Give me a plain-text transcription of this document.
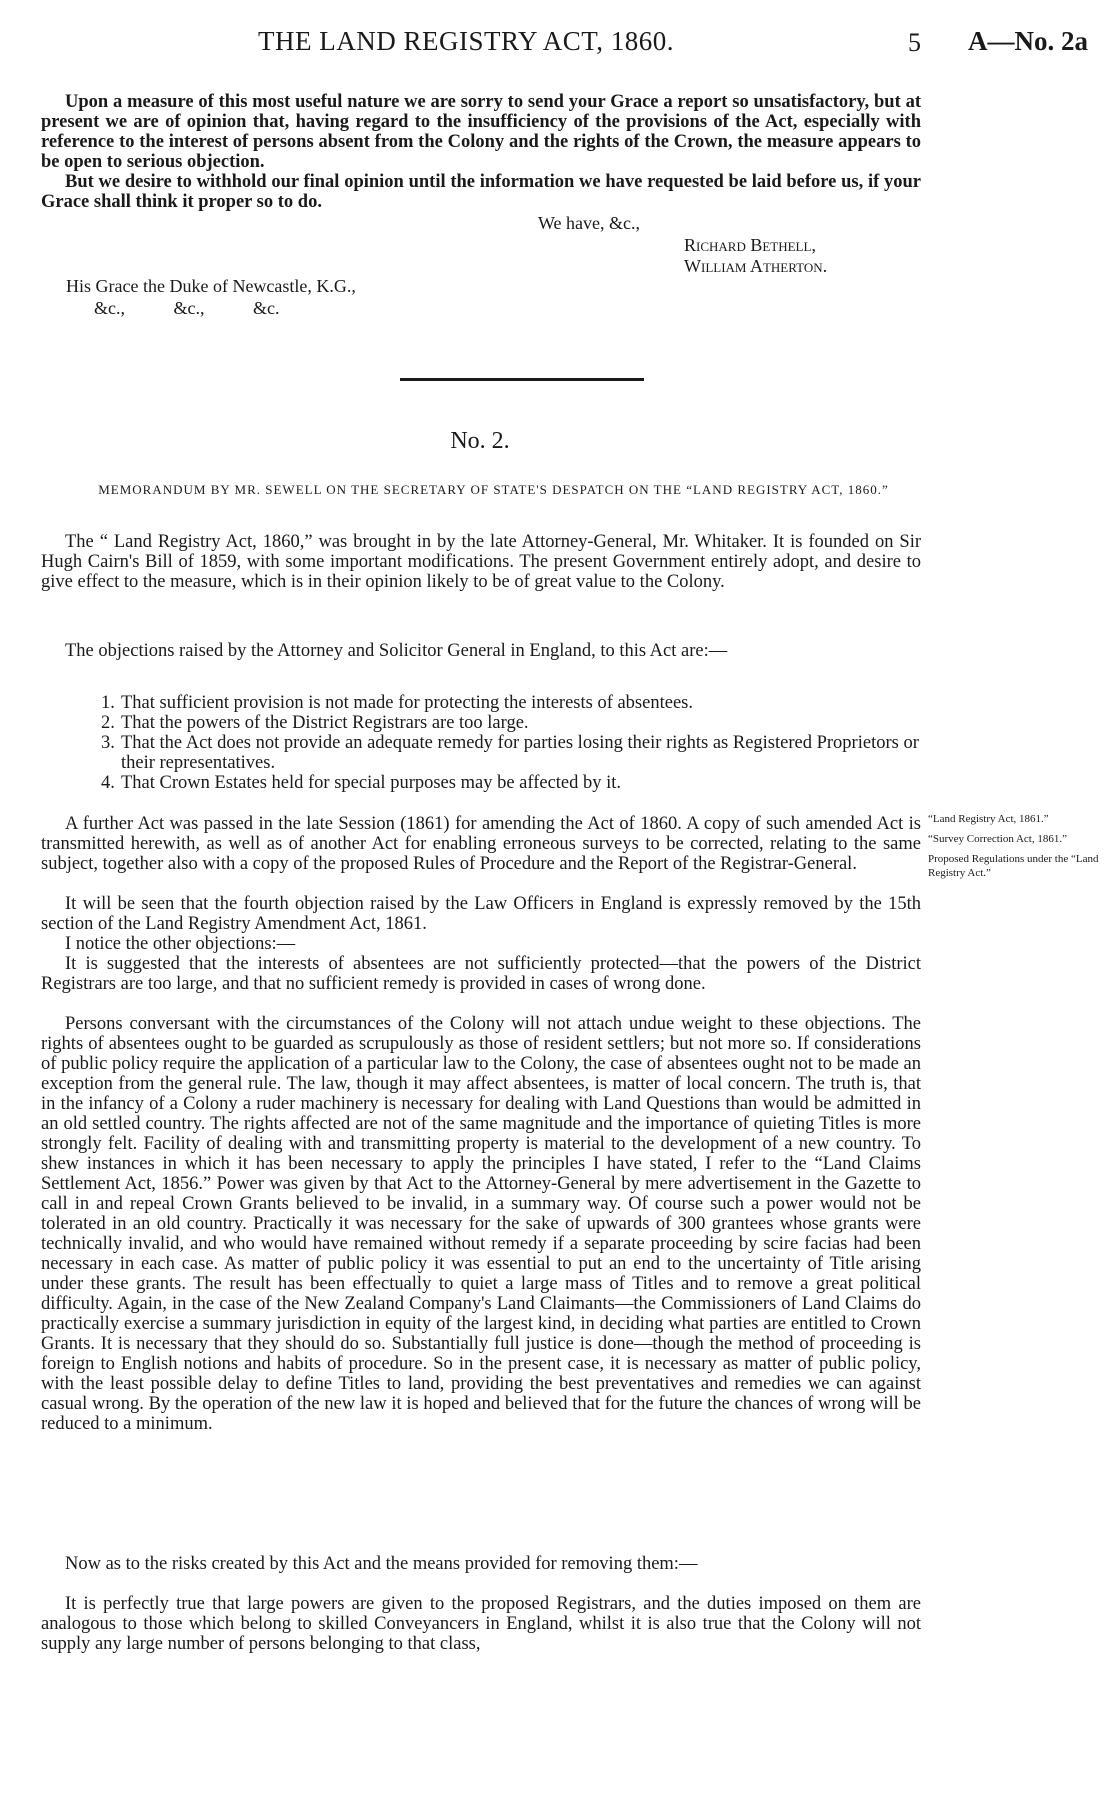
THE LAND REGISTRY ACT, 1860.	5 A—No. 2a

Upon a measure of this most useful nature we are sorry to send your Grace a report so unsatisfactory, but at present we are of opinion that, having regard to the insufficiency of the provisions of the Act, especially with reference to the interest of persons absent from the Colony and the rights of the Crown, the measure appears to be open to serious objection.

But we desire to withhold our final opinion until the information we have requested be laid before us, if your Grace shall think it proper so to do.

We have, &c.,
Richard Bethell,
William Atherton.
His Grace the Duke of Newcastle, K.G.,
&c., &c., &c.
No. 2.
MEMORANDUM BY MR. SEWELL ON THE SECRETARY OF STATE'S DESPATCH ON THE “LAND REGISTRY ACT, 1860.”

The “ Land Registry Act, 1860,” was brought in by the late Attorney-General, Mr. Whitaker. It is founded on Sir Hugh Cairn's Bill of 1859, with some important modifications. The present Government entirely adopt, and desire to give effect to the measure, which is in their opinion likely to be of great value to the Colony.

The objections raised by the Attorney and Solicitor General in England, to this Act are:—

1. That sufficient provision is not made for protecting the interests of absentees.
2. That the powers of the District Registrars are too large.
3. That the Act does not provide an adequate remedy for parties losing their rights as Registered Proprietors or their representatives.
4. That Crown Estates held for special purposes may be affected by it.

A further Act was passed in the late Session (1861) for amending the Act of 1860. A copy of such amended Act is transmitted herewith, as well as of another Act for enabling erroneous surveys to be corrected, relating to the same subject, together also with a copy of the proposed Rules of Procedure and the Report of the Registrar-General.

It will be seen that the fourth objection raised by the Law Officers in England is expressly removed by the 15th section of the Land Registry Amendment Act, 1861.

I notice the other objections:—

It is suggested that the interests of absentees are not sufficiently protected—that the powers of the District Registrars are too large, and that no sufficient remedy is provided in cases of wrong done.

Persons conversant with the circumstances of the Colony will not attach undue weight to these objections. The rights of absentees ought to be guarded as scrupulously as those of resident settlers; but not more so. If considerations of public policy require the application of a particular law to the Colony, the case of absentees ought not to be made an exception from the general rule. The law, though it may affect absentees, is matter of local concern. The truth is, that in the infancy of a Colony a ruder machinery is necessary for dealing with Land Questions than would be admitted in an old settled country. The rights affected are not of the same magnitude and the importance of quieting Titles is more strongly felt. Facility of dealing with and transmitting property is material to the development of a new country. To shew instances in which it has been necessary to apply the principles I have stated, I refer to the “Land Claims Settlement Act, 1856.” Power was given by that Act to the Attorney-General by mere advertisement in the Gazette to call in and repeal Crown Grants believed to be invalid, in a summary way. Of course such a power would not be tolerated in an old country. Practically it was necessary for the sake of upwards of 300 grantees whose grants were technically invalid, and who would have remained without remedy if a separate proceeding by scire facias had been necessary in each case. As matter of public policy it was essential to put an end to the uncertainty of Title arising under these grants. The result has been effectually to quiet a large mass of Titles and to remove a great political difficulty. Again, in the case of the New Zealand Company's Land Claimants—the Commissioners of Land Claims do practically exercise a summary jurisdiction in equity of the largest kind, in deciding what parties are entitled to Crown Grants. It is necessary that they should do so. Substantially full justice is done—though the method of proceeding is foreign to English notions and habits of procedure. So in the present case, it is necessary as matter of public policy, with the least possible delay to define Titles to land, providing the best preventatives and remedies we can against casual wrong. By the operation of the new law it is hoped and believed that for the future the chances of wrong will be reduced to a minimum.

Now as to the risks created by this Act and the means provided for removing them:—

It is perfectly true that large powers are given to the proposed Registrars, and the duties imposed on them are analogous to those which belong to skilled Conveyancers in England, whilst it is also true that the Colony will not supply any large number of persons belonging to that class,

“Land Registry Act, 1861.”
“Survey Correction Act, 1861.”
Proposed Regulations under the “Land Registry Act.”
